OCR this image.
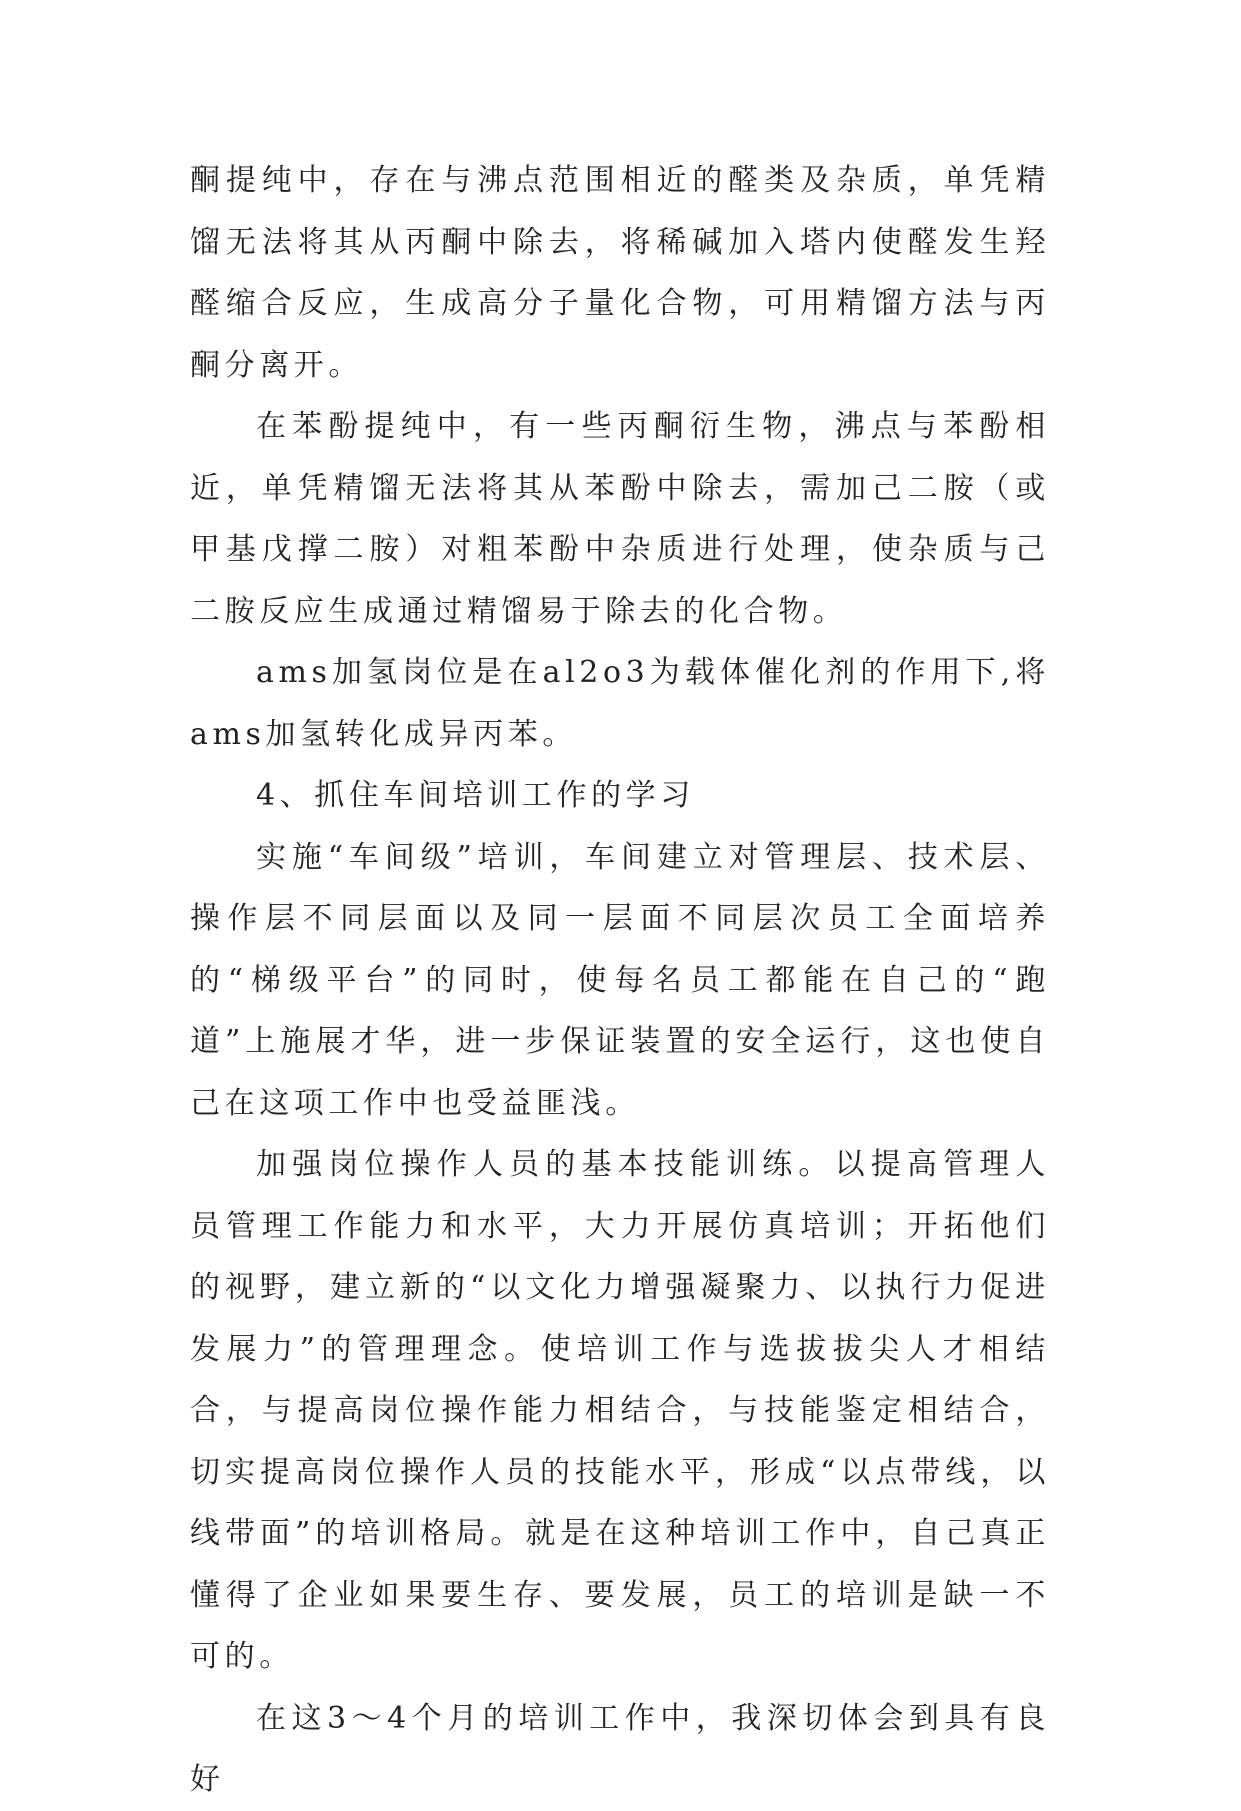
酮提纯中，存在与沸点范围相近的醛类及杂质，单凭精馏无法将其从丙酮中除去，将稀碱加入塔内使醛发生羟醛缩合反应，生成高分子量化合物，可用精馏方法与丙酮分离开。

在苯酚提纯中，有一些丙酮衍生物，沸点与苯酚相近，单凭精馏无法将其从苯酚中除去，需加己二胺（或甲基戊撑二胺）对粗苯酚中杂质进行处理，使杂质与己二胺反应生成通过精馏易于除去的化合物。

ams加氢岗位是在al2o3为载体催化剂的作用下,将ams加氢转化成异丙苯。

4、抓住车间培训工作的学习

实施“车间级”培训，车间建立对管理层、技术层、操作层不同层面以及同一层面不同层次员工全面培养的“梯级平台”的同时，使每名员工都能在自己的“跑道”上施展才华，进一步保证装置的安全运行，这也使自己在这项工作中也受益匪浅。

加强岗位操作人员的基本技能训练。以提高管理人员管理工作能力和水平，大力开展仿真培训；开拓他们的视野，建立新的“以文化力增强凝聚力、以执行力促进发展力”的管理理念。使培训工作与选拔拔尖人才相结合，与提高岗位操作能力相结合，与技能鉴定相结合，切实提高岗位操作人员的技能水平，形成“以点带线，以线带面”的培训格局。就是在这种培训工作中，自己真正懂得了企业如果要生存、要发展，员工的培训是缺一不可的。

在这3～4个月的培训工作中，我深切体会到具有良好
